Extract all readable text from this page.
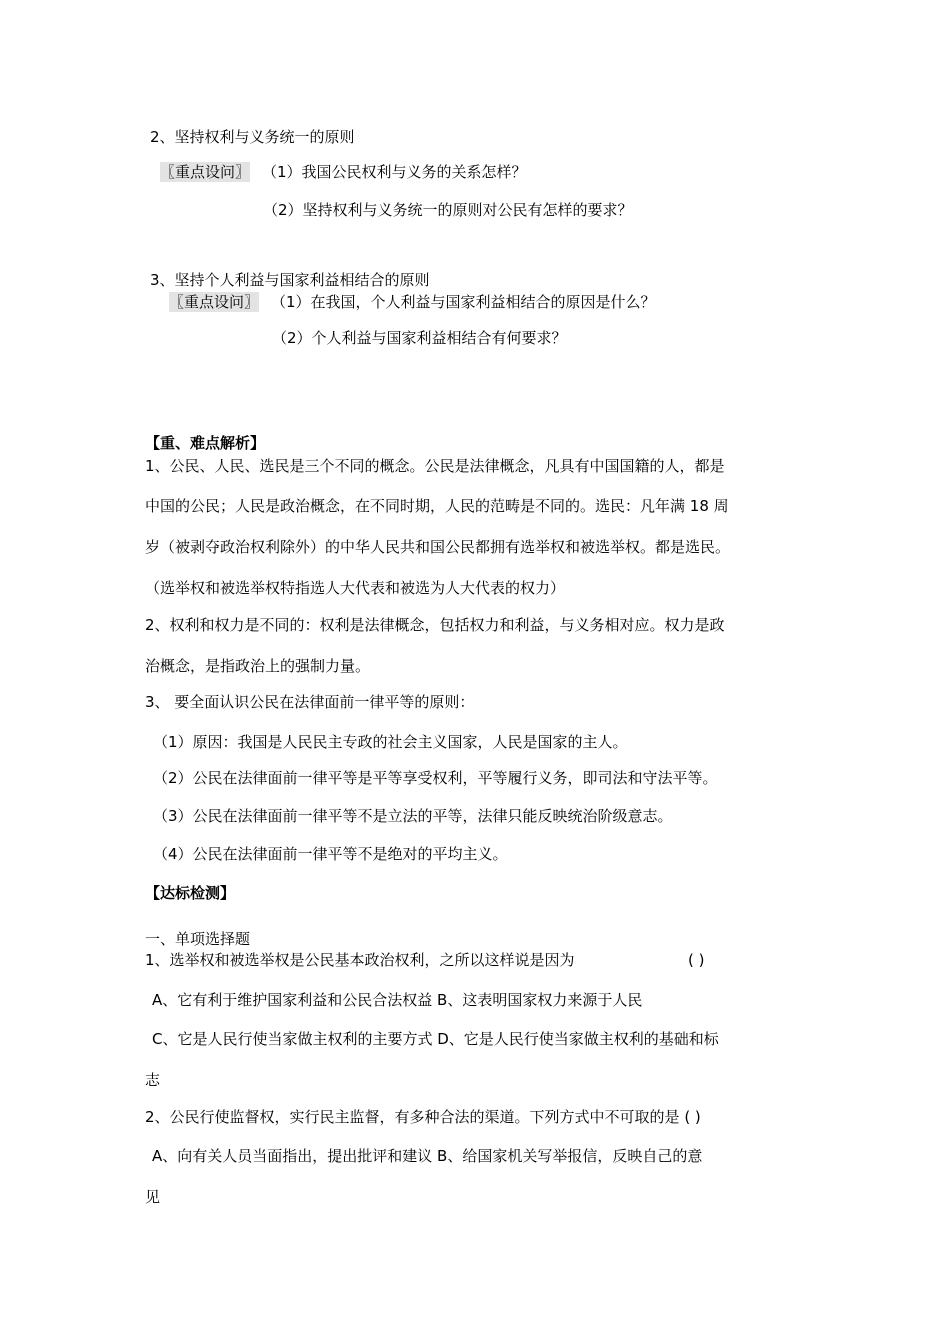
2、坚持权利与义务统一的原则
〖重点设问〗 （1）我国公民权利与义务的关系怎样？
（2）坚持权利与义务统一的原则对公民有怎样的要求？
3、坚持个人利益与国家利益相结合的原则
〖重点设问〗 （1）在我国，个人利益与国家利益相结合的原因是什么？
（2）个人利益与国家利益相结合有何要求？
【重、难点解析】
1、公民、人民、选民是三个不同的概念。公民是法律概念，凡具有中国国籍的人，都是
中国的公民；人民是政治概念，在不同时期，人民的范畴是不同的。选民：凡年满 18 周
岁（被剥夺政治权利除外）的中华人民共和国公民都拥有选举权和被选举权。都是选民。
（选举权和被选举权特指选人大代表和被选为人大代表的权力）
2、权利和权力是不同的：权利是法律概念，包括权力和利益，与义务相对应。权力是政
治概念，是指政治上的强制力量。
3、 要全面认识公民在法律面前一律平等的原则：
（1）原因：我国是人民民主专政的社会主义国家，人民是国家的主人。
（2）公民在法律面前一律平等是平等享受权利，平等履行义务，即司法和守法平等。
（3）公民在法律面前一律平等不是立法的平等，法律只能反映统治阶级意志。
（4）公民在法律面前一律平等不是绝对的平均主义。
【达标检测】
一、单项选择题
1、选举权和被选举权是公民基本政治权利，之所以这样说是因为	( )
A、它有利于维护国家利益和公民合法权益 B、这表明国家权力来源于人民
C、它是人民行使当家做主权利的主要方式 D、它是人民行使当家做主权利的基础和标
志
2、公民行使监督权，实行民主监督，有多种合法的渠道。下列方式中不可取的是 ( )
A、向有关人员当面指出，提出批评和建议 B、给国家机关写举报信，反映自己的意
见
